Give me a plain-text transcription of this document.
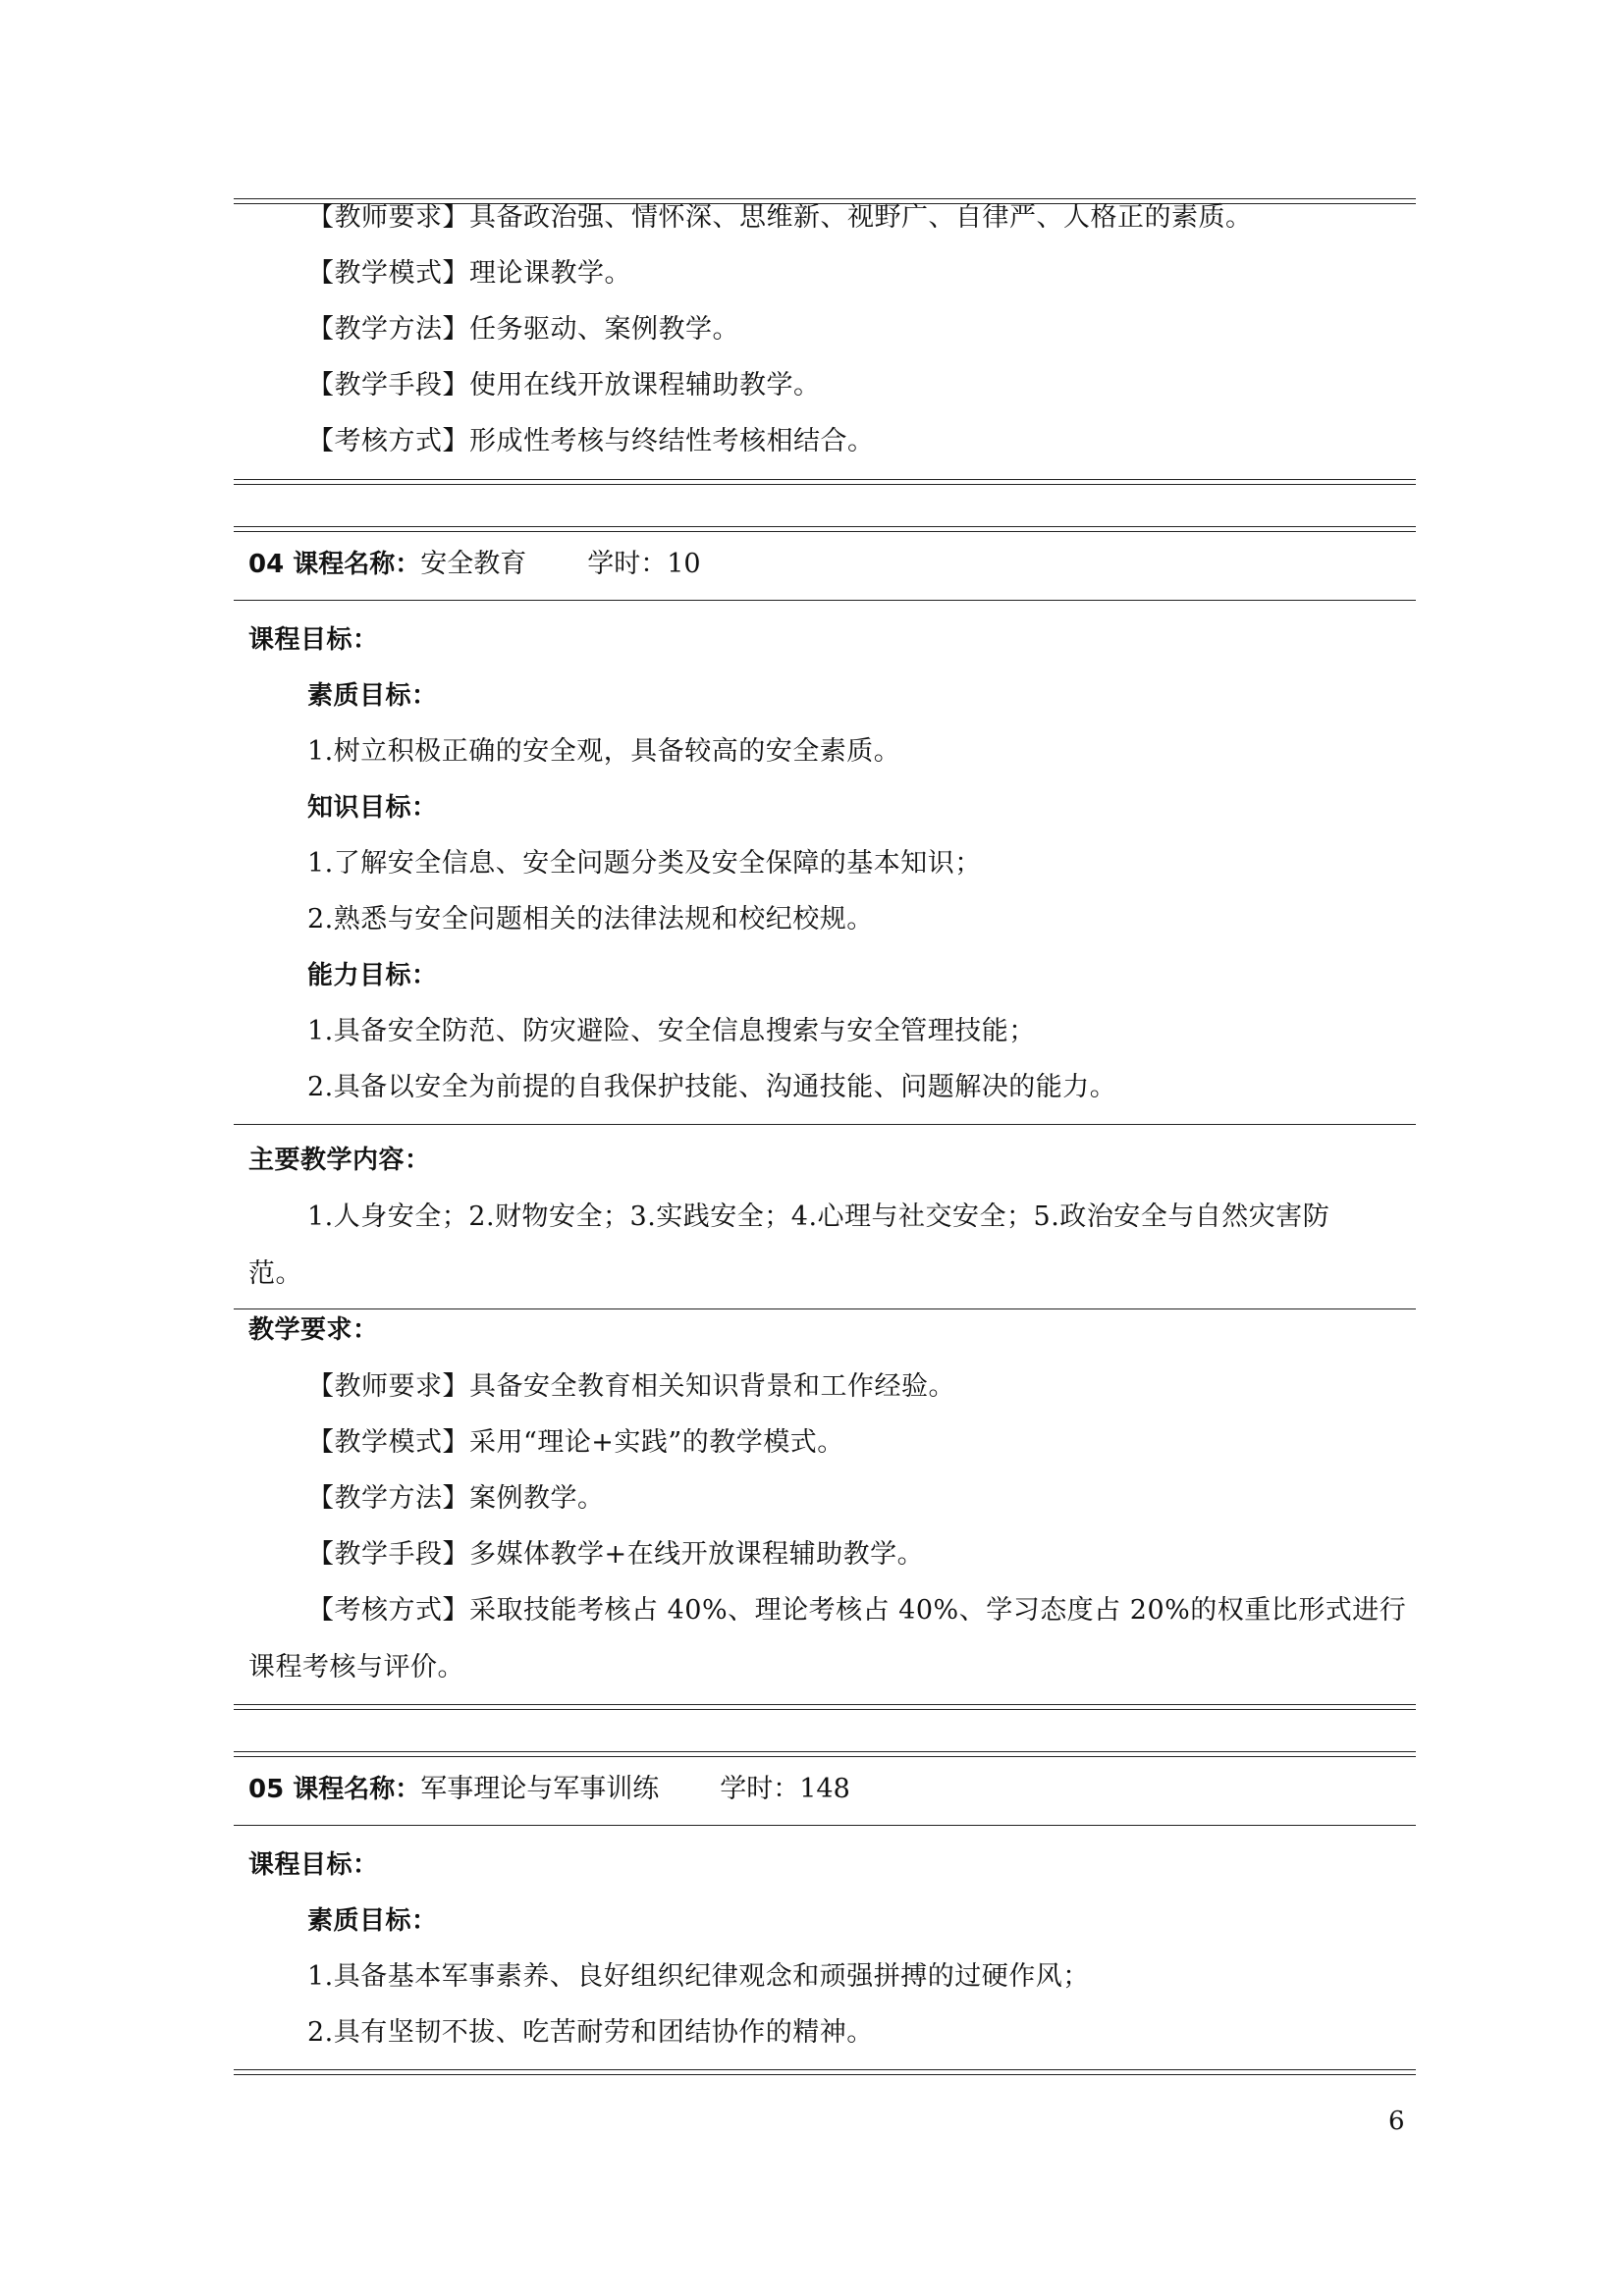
【教师要求】具备政治强、情怀深、思维新、视野广、自律严、人格正的素质。
【教学模式】理论课教学。
【教学方法】任务驱动、案例教学。
【教学手段】使用在线开放课程辅助教学。
【考核方式】形成性考核与终结性考核相结合。
04 课程名称：安全教育 学时：10
课程目标：
素质目标：
1.树立积极正确的安全观，具备较高的安全素质。
知识目标：
1.了解安全信息、安全问题分类及安全保障的基本知识；
2.熟悉与安全问题相关的法律法规和校纪校规。
能力目标：
1.具备安全防范、防灾避险、安全信息搜索与安全管理技能；
2.具备以安全为前提的自我保护技能、沟通技能、问题解决的能力。
主要教学内容：
1.人身安全；2.财物安全；3.实践安全；4.心理与社交安全；5.政治安全与自然灾害防
范。
教学要求：
【教师要求】具备安全教育相关知识背景和工作经验。
【教学模式】采用“理论+实践”的教学模式。
【教学方法】案例教学。
【教学手段】多媒体教学+在线开放课程辅助教学。
【考核方式】采取技能考核占 40%、理论考核占 40%、学习态度占 20%的权重比形式进行
课程考核与评价。
05 课程名称：军事理论与军事训练 学时：148
课程目标：
素质目标：
1.具备基本军事素养、良好组织纪律观念和顽强拼搏的过硬作风；
2.具有坚韧不拔、吃苦耐劳和团结协作的精神。
6
